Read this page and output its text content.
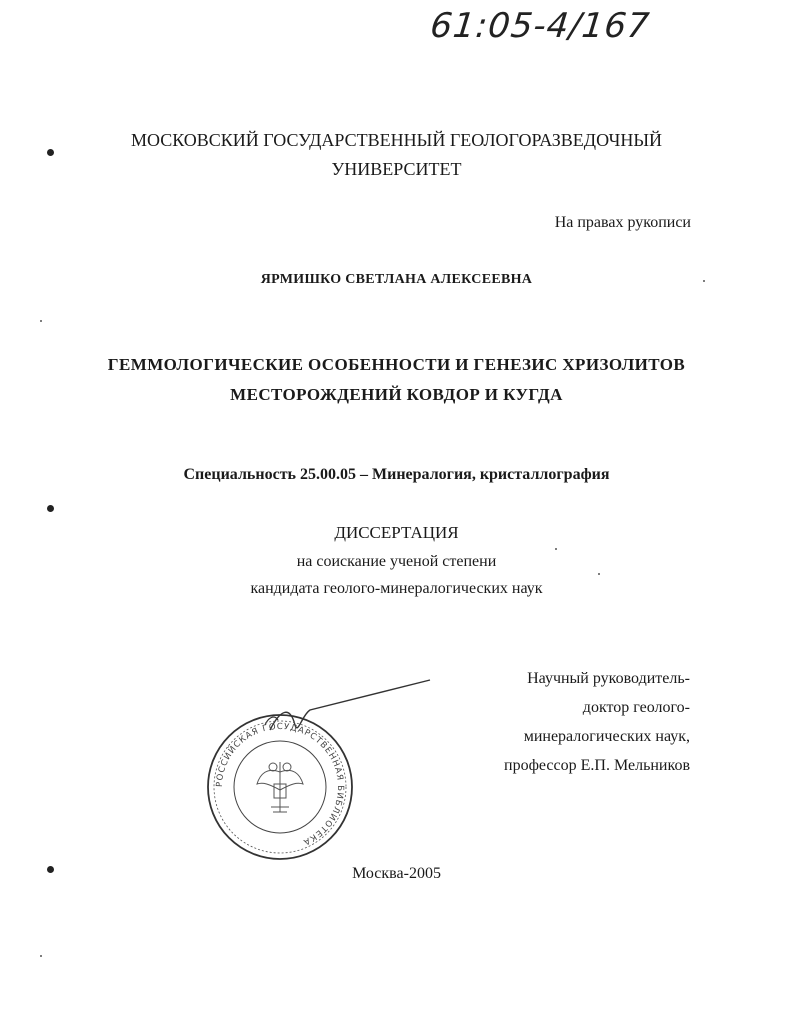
61:05-4/167
МОСКОВСКИЙ ГОСУДАРСТВЕННЫЙ ГЕОЛОГОРАЗВЕДОЧНЫЙ
УНИВЕРСИТЕТ
На правах рукописи
ЯРМИШКО СВЕТЛАНА АЛЕКСЕЕВНА
ГЕММОЛОГИЧЕСКИЕ ОСОБЕННОСТИ И ГЕНЕЗИС ХРИЗОЛИТОВ
МЕСТОРОЖДЕНИЙ КОВДОР И КУГДА
Специальность 25.00.05 – Минералогия, кристаллография
ДИССЕРТАЦИЯ
на соискание ученой степени
кандидата геолого-минералогических наук
Научный руководитель-
доктор геолого-
минералогических наук,
профессор Е.П. Мельников
РОССИЙСКАЯ ГОСУДАРСТВЕННАЯ БИБЛИОТЕКА
Москва-2005
